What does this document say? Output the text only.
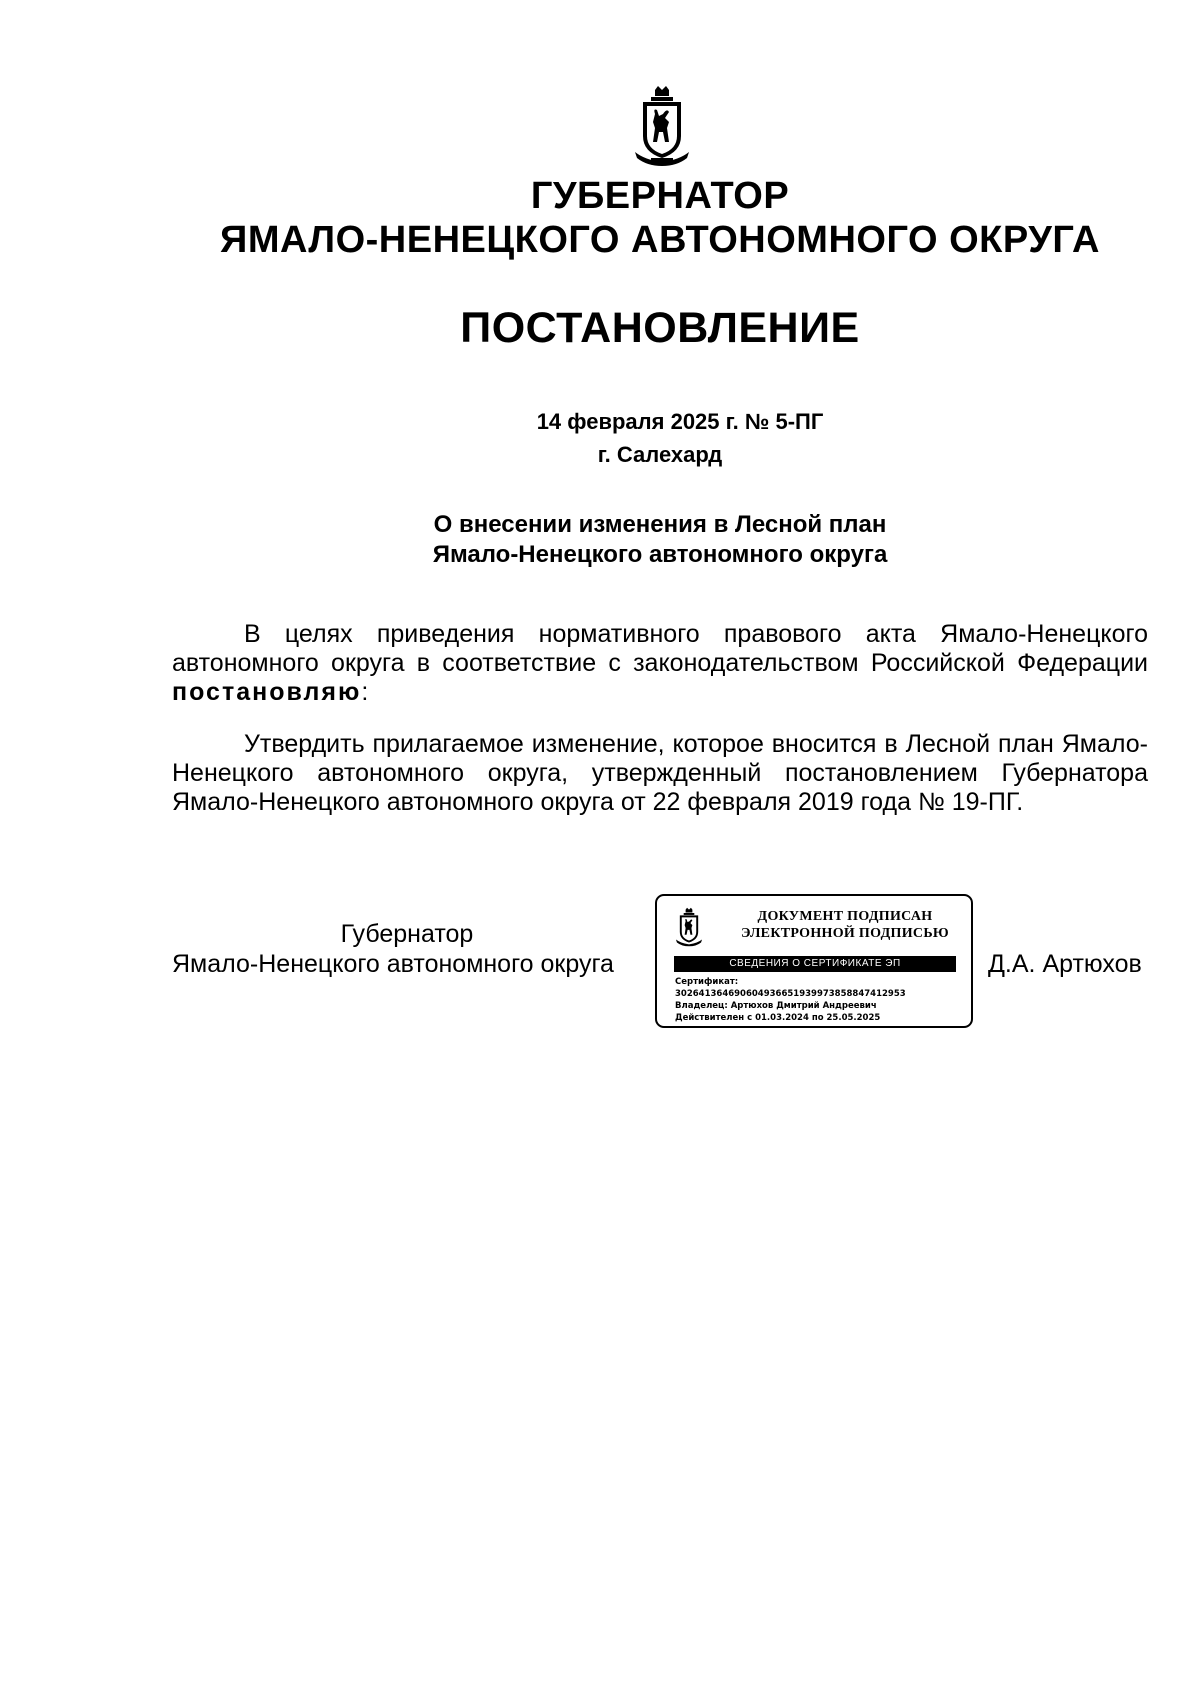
ГУБЕРНАТОР
ЯМАЛО-НЕНЕЦКОГО АВТОНОМНОГО ОКРУГА
ПОСТАНОВЛЕНИЕ
14 февраля 2025 г. № 5-ПГ
г. Салехард
О внесении изменения в Лесной план
Ямало-Ненецкого автономного округа

В целях приведения нормативного правового акта Ямало-Ненецкого автономного округа в соответствие с законодательством Российской Федерации постановляю:

Утвердить прилагаемое изменение, которое вносится в Лесной план Ямало-Ненецкого автономного округа, утвержденный постановлением Губернатора Ямало-Ненецкого автономного округа от 22 февраля 2019 года № 19-ПГ.

Губернатор
Ямало-Ненецкого автономного округа
ДОКУМЕНТ ПОДПИСАН
ЭЛЕКТРОННОЙ ПОДПИСЬЮ
СВЕДЕНИЯ О СЕРТИФИКАТЕ ЭП
Сертификат:
302641364690604936651939973858847412953
Владелец: Артюхов Дмитрий Андреевич
Действителен с 01.03.2024 по 25.05.2025
Д.А. Артюхов
